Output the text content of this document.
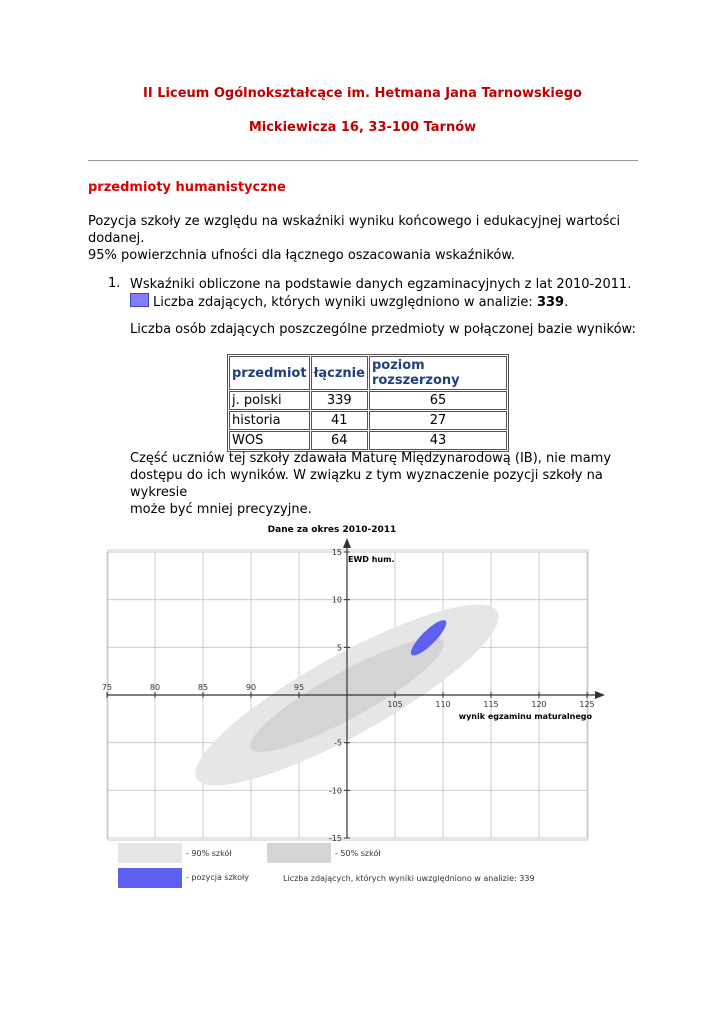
II Liceum Ogólnokształcące im. Hetmana Jana Tarnowskiego
Mickiewicza 16, 33-100 Tarnów
przedmioty humanistyczne
Pozycja szkoły ze względu na wskaźniki wyniku końcowego i edukacyjnej wartości
dodanej.
95% powierzchnia ufności dla łącznego oszacowania wskaźników.
1. Wskaźniki obliczone na podstawie danych egzaminacyjnych z lat 2010-2011.
Liczba zdających, których wyniki uwzględniono w analizie: 339.
Liczba osób zdających poszczególne przedmioty w połączonej bazie wyników:
przedmiot	łącznie	poziom rozszerzony
j. polski	339	65
historia	41	27
WOS	64	43
Część uczniów tej szkoły zdawała Maturę Międzynarodową (IB), nie mamy
dostępu do ich wyników. W związku z tym wyznaczenie pozycji szkoły na wykresie
może być mniej precyzyjne.
Dane za okres 2010-2011
75	80	85	90	95
105	110	115	120	125
15
10
5
-5
-10
-15
EWD hum.
wynik egzaminu maturalnego
- 90% szkół	- 50% szkół
- pozycja szkoły	Liczba zdających, których wyniki uwzględniono w analizie: 339
